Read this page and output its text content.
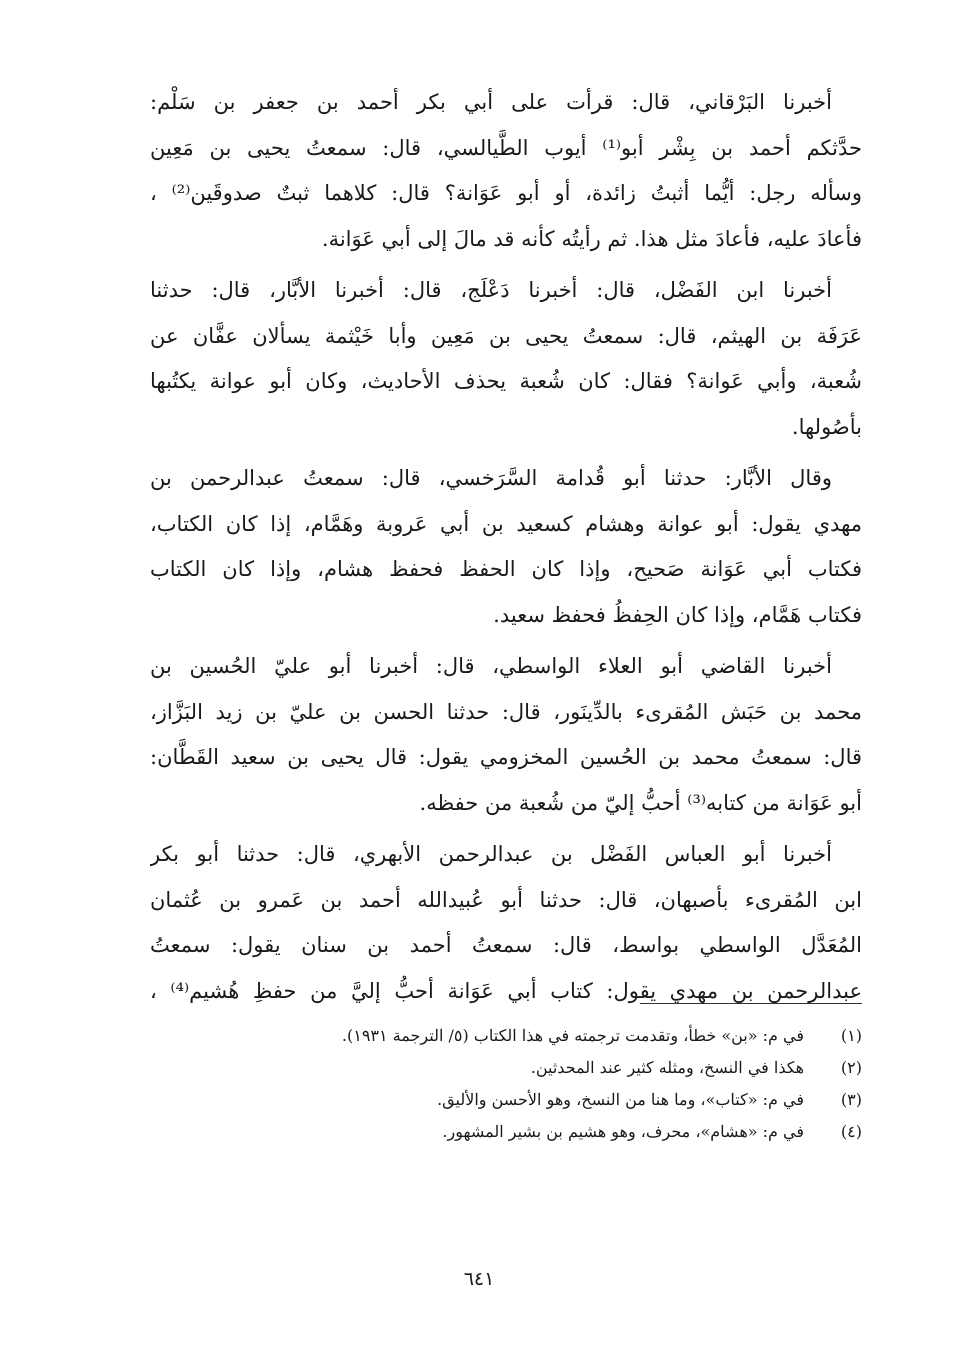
أخبرنا البَرْقاني، قال: قرأت على أبي بكر أحمد بن جعفر بن سَلْم:
حدَّثكم أحمد بن بِشْر أبو⁽¹⁾ أيوب الطَّيالسي، قال: سمعتُ يحيى بن مَعِين
وسأله رجل: أيُّما أثبتُ زائدة، أو أبو عَوَانة؟ قال: كلاهما ثبتٌ صدوقَين⁽²⁾ ،
فأعادَ عليه، فأعادَ مثل هذا. ثم رأيتُه كأنه قد مالَ إلى أبي عَوَانة.
أخبرنا ابن الفَضْل، قال: أخبرنا دَعْلَج، قال: أخبرنا الأبَّار، قال: حدثنا
عَرَفَة بن الهيثم، قال: سمعتُ يحيى بن مَعِين وأبا خَيْثمة يسألان عفَّان عن
شُعبة، وأبي عَوانة؟ فقال: كان شُعبة يحذف الأحاديث، وكان أبو عوانة يكتُبها
بأصُولها.
وقال الأبَّار: حدثنا أبو قُدامة السَّرَخسي، قال: سمعتُ عبدالرحمن بن
مهدي يقول: أبو عوانة وهشام كسعيد بن أبي عَروبة وهَمَّام، إذا كان الكتاب،
فكتاب أبي عَوَانة صَحيح، وإذا كان الحفظ فحفظ هشام، وإذا كان الكتاب
فكتاب هَمَّام، وإذا كان الحِفظُ فحفظ سعيد.
أخبرنا القاضي أبو العلاء الواسطي، قال: أخبرنا أبو عليّ الحُسين بن
محمد بن حَبَش المُقرىء بالدِّينَور، قال: حدثنا الحسن بن عليّ بن زيد البَزَّاز،
قال: سمعتُ محمد بن الحُسين المخزومي يقول: قال يحيى بن سعيد القَطَّان:
أبو عَوَانة من كتابه⁽³⁾ أحبُّ إليّ من شُعبة من حفظه.
أخبرنا أبو العباس الفَضْل بن عبدالرحمن الأبهري، قال: حدثنا أبو بكر
ابن المُقرىء بأصبهان، قال: حدثنا أبو عُبيدالله أحمد بن عَمرو بن عُثمان
المُعَدَّل الواسطي بواسط، قال: سمعتُ أحمد بن سنان يقول: سمعتُ
عبدالرحمن بن مهدي يقول: كتاب أبي عَوَانة أحبُّ إليَّ من حفظِ هُشيم⁽⁴⁾ ،
(١)
في م: «بن» خطأ، وتقدمت ترجمته في هذا الكتاب (٥/ الترجمة ١٩٣١).
(٢)
هكذا في النسخ، ومثله كثير عند المحدثين.
(٣)
في م: «كتاب»، وما هنا من النسخ، وهو الأحسن والأليق.
(٤)
في م: «هشام»، محرف، وهو هشيم بن بشير المشهور.
٦٤١
